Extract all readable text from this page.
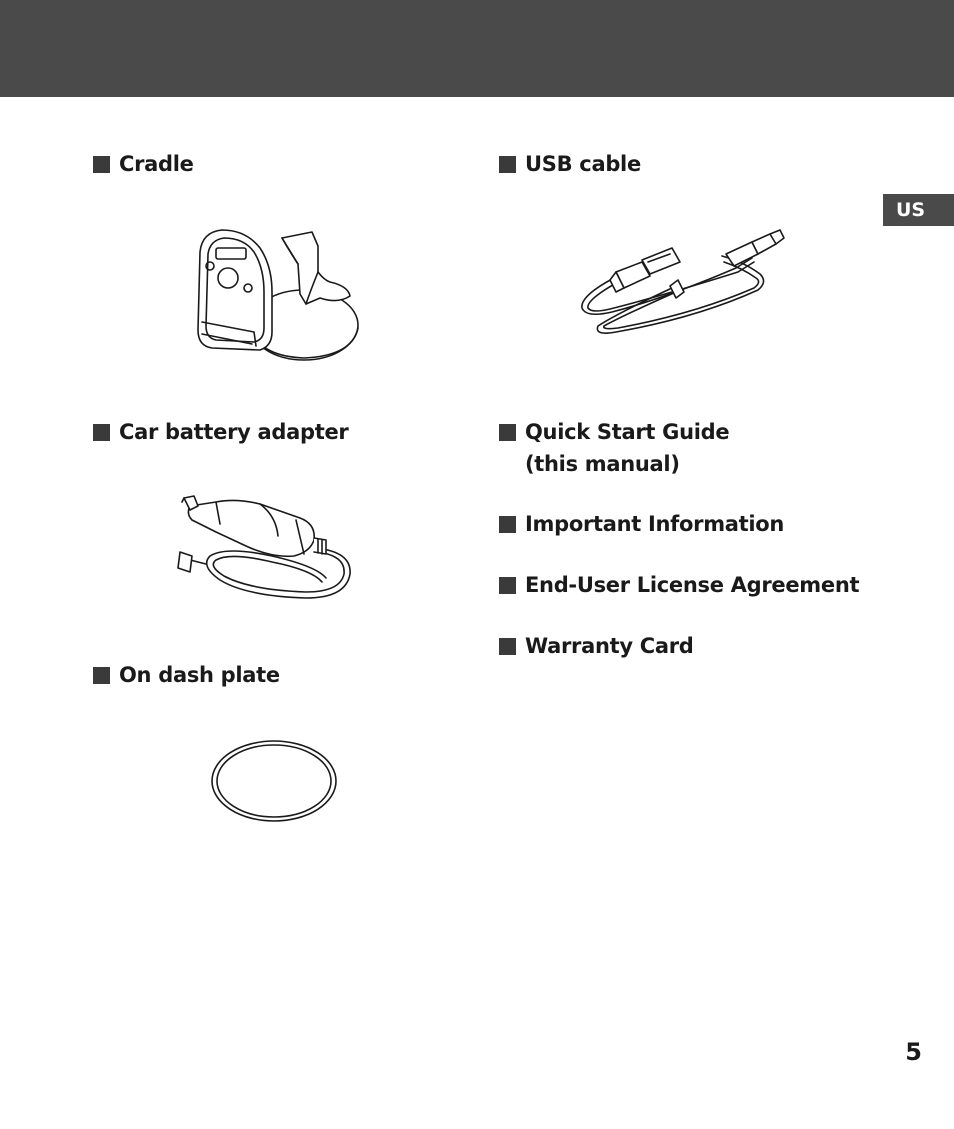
US
Cradle	USB cable
Car battery adapter	Quick Start Guide
(this manual)
Important Information
End-User License Agreement
Warranty Card
On dash plate
5
